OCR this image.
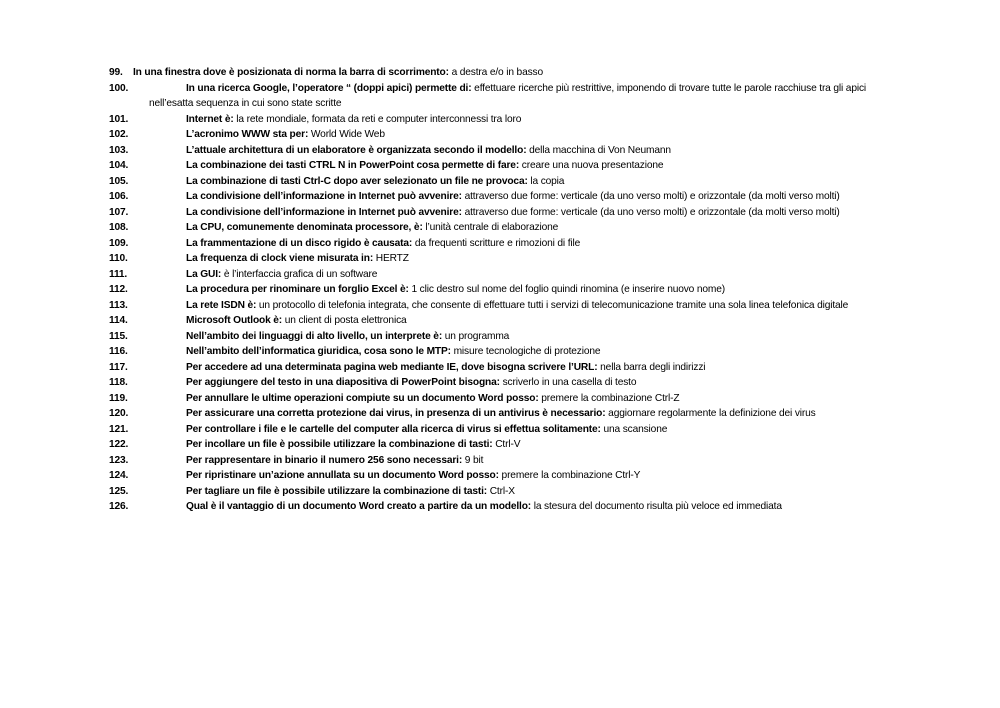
99. In una finestra dove è posizionata di norma la barra di scorrimento: a destra e/o in basso

100.	In una ricerca Google, l’operatore “ (doppi apici) permette di: effettuare ricerche più restrittive, imponendo di trovare tutte le parole racchiuse tra gli apici nell’esatta sequenza in cui sono state scritte

101.	Internet è: la rete mondiale, formata da reti e computer interconnessi tra loro

102.	L’acronimo WWW sta per: World Wide Web

103.	L’attuale architettura di un elaboratore è organizzata secondo il modello: della macchina di Von Neumann

104.	La combinazione dei tasti CTRL N in PowerPoint cosa permette di fare: creare una nuova presentazione

105.	La combinazione di tasti Ctrl-C dopo aver selezionato un file ne provoca: la copia

106.	La condivisione dell’informazione in Internet può avvenire: attraverso due forme: verticale (da uno verso molti) e orizzontale (da molti verso molti)

107.	La condivisione dell’informazione in Internet può avvenire: attraverso due forme: verticale (da uno verso molti) e orizzontale (da molti verso molti)

108.	La CPU, comunemente denominata processore, è: l’unità centrale di elaborazione

109.	La frammentazione di un disco rigido è causata: da frequenti scritture e rimozioni di file

110.	La frequenza di clock viene misurata in: HERTZ

111.	La GUI: è l’interfaccia grafica di un software

112.	La procedura per rinominare un forglio Excel è: 1 clic destro sul nome del foglio quindi rinomina (e inserire nuovo nome)

113.	La rete ISDN è: un protocollo di telefonia integrata, che consente di effettuare tutti i servizi di telecomunicazione tramite una sola linea telefonica digitale

114.	Microsoft Outlook è: un client di posta elettronica

115.	Nell’ambito dei linguaggi di alto livello, un interprete è: un programma

116.	Nell’ambito dell’informatica giuridica, cosa sono le MTP: misure tecnologiche di protezione

117.	Per accedere ad una determinata pagina web mediante IE, dove bisogna scrivere l’URL: nella barra degli indirizzi

118.	Per aggiungere del testo in una diapositiva di PowerPoint bisogna: scriverlo in una casella di testo

119.	Per annullare le ultime operazioni compiute su un documento Word posso: premere la combinazione Ctrl-Z

120.	Per assicurare una corretta protezione dai virus, in presenza di un antivirus è necessario: aggiornare regolarmente la definizione dei virus

121.	Per controllare i file e le cartelle del computer alla ricerca di virus si effettua solitamente: una scansione

122.	Per incollare un file è possibile utilizzare la combinazione di tasti: Ctrl-V

123.	Per rappresentare in binario il numero 256 sono necessari: 9 bit

124.	Per ripristinare un’azione annullata su un documento Word posso: premere la combinazione Ctrl-Y

125.	Per tagliare un file è possibile utilizzare la combinazione di tasti: Ctrl-X

126.	Qual è il vantaggio di un documento Word creato a partire da un modello: la stesura del documento risulta più veloce ed immediata
